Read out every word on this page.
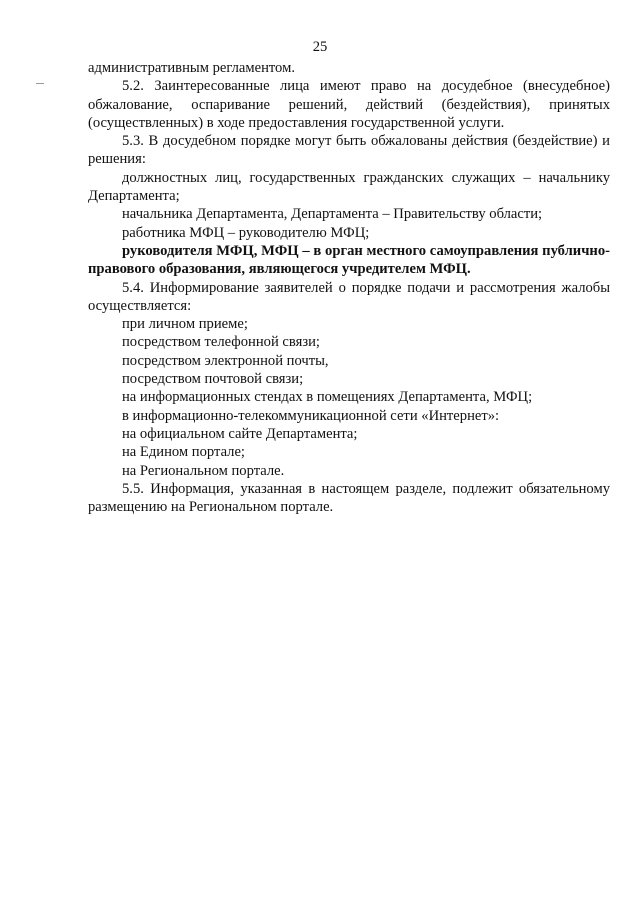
25

административным регламентом.

5.2. Заинтересованные лица имеют право на досудебное (внесудебное) обжалование, оспаривание решений, действий (бездействия), принятых (осуществленных) в ходе предоставления государственной услуги.

5.3. В досудебном порядке могут быть обжалованы действия (бездействие) и решения:

должностных лиц, государственных гражданских служащих – начальнику Департамента;

начальника Департамента, Департамента – Правительству области;

работника МФЦ – руководителю МФЦ;

руководителя МФЦ, МФЦ – в орган местного самоуправления публично-правового образования, являющегося учредителем МФЦ.

5.4. Информирование заявителей о порядке подачи и рассмотрения жалобы осуществляется:

при личном приеме;

посредством телефонной связи;

посредством электронной почты,

посредством почтовой связи;

на информационных стендах в помещениях Департамента, МФЦ;

в информационно-телекоммуникационной сети «Интернет»:

на официальном сайте Департамента;

на Едином портале;

на Региональном портале.

5.5. Информация, указанная в настоящем разделе, подлежит обязательному размещению на Региональном портале.
